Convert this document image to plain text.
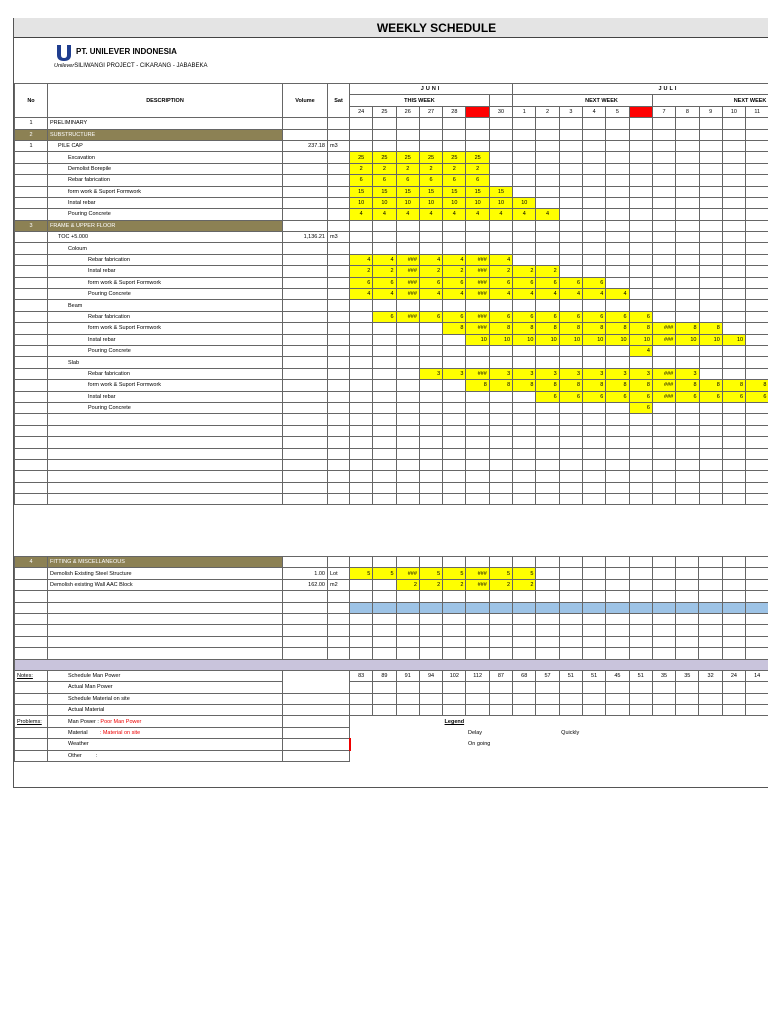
WEEKLY SCHEDULE
PT. UNILEVER INDONESIA
UnileverSILIWANGI PROJECT - CIKARANG - JABABEKA
No	DESCRIPTION	Volume	Sat	JUNI							JULI										
				THIS WEEK							NEXT WEEK						NEXT WEEK				
				24	25	26	27	28	29	30	1	2	3	4	5	6	7	8	9	10	11
1	PRELIMINARY																				
2	SUBSTRUCTURE																				
1	PILE CAP	237.18	m3																		
	Excavation			25	25	25	25	25	25												
	Demolist Borepile			2	2	2	2	2	2												
	Rebar fabrication			6	6	6	6	6	6												
	form work & Suport Formwork			15	15	15	15	15	15	15											
	Instal rebar			10	10	10	10	10	10	10	10										
	Pouring Concrete			4	4	4	4	4	4	4	4	4									
3	FRAME & UPPER FLOOR																				
	TOC +5.000	1,136.21	m3																		
	Coloum																				
	Rebar fabrication			4	4	###	4	4	###	4											
	Instal rebar			2	2	###	2	2	###	2	2	2									
	form work & Suport Formwork			6	6	###	6	6	###	6	6	6	6	6							
	Pouring Concrete			4	4	###	4	4	###	4	4	4	4	4	4						
	Beam																				
	Rebar fabrication				6	###	6	6	###	6	6	6	6	6	6	6					
	form work & Suport Formwork							8	###	8	8	8	8	8	8	8	###	8	8		
	Instal rebar								10	10	10	10	10	10	10	10	###	10	10	10	
	Pouring Concrete															4					
	Slab																				
	Rebar fabrication						3	3	###	3	3	3	3	3	3	3	###	3			
	form work & Suport Formwork								8	8	8	8	8	8	8	8	###	8	8	8	8
	Instal rebar											6	6	6	6	6	###	6	6	6	6
	Pouring Concrete															6					

4	FITTING & MISCELLANEOUS																				
	Demolish Existing Steel Structure	1.00	Lot	5	5	###	5	5	###	5	5										
	Demolish existing Wall AAC Block	162.00	m2			2	2	2	###	2	2										

Notes:	Schedule Man Power			83	89	91	94	102	112	87	68	57	51	51	45	51	35	35	32	24	14
	Actual Man Power																				
	Schedule Material on site																				
	Actual Material																				
Problems:	Man Power : Poor Man Power						Legend														
	Material : Material on site								Delay				Quickly								
	Weather								On going												
	Other :																				
